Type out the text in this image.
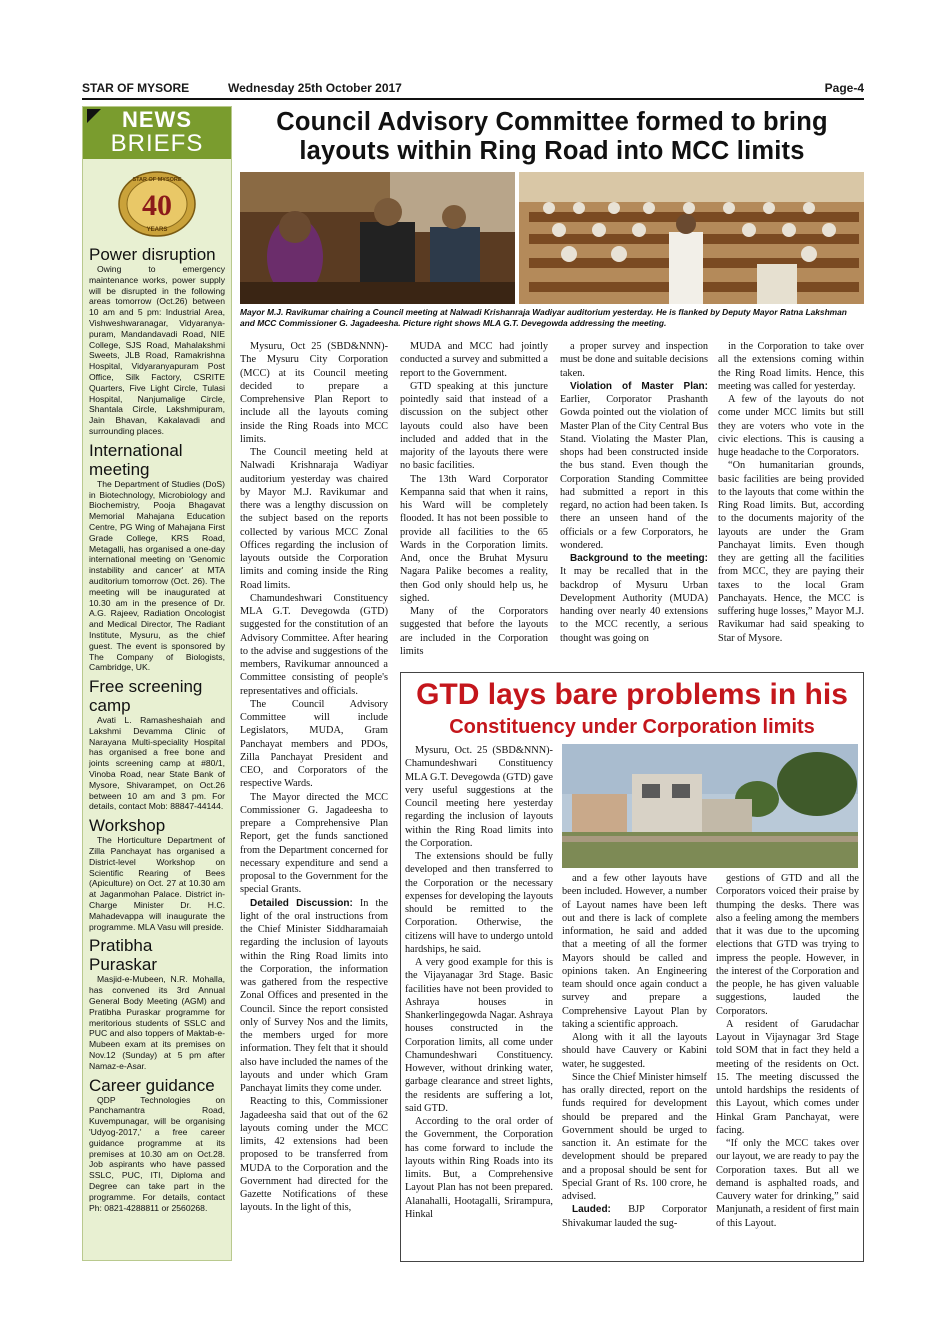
STAR OF MYSORE	Wednesday 25th October 2017	Page-4
NEWS
BRIEFS
STAR OF MYSORE
40
YEARS
Power disruption

Owing to emergency maintenance works, power supply will be disrupted in the following areas tomorrow (Oct.26) between 10 am and 5 pm: Industrial Area, Vishweshwaranagar, Vidyaranya-puram, Mandandavadi Road, NIE College, SJS Road, Mahalakshmi Sweets, JLB Road, Ramakrishna Hospital, Vidyaranyapuram Post Office, Silk Factory, CSRITE Quarters, Five Light Circle, Tulasi Hospital, Nanjumalige Circle, Shantala Circle, Lakshmipuram, Jain Bhavan, Kakalavadi and surrounding places.

International meeting

The Department of Studies (DoS) in Biotechnology, Microbiology and Biochemistry, Pooja Bhagavat Memorial Mahajana Education Centre, PG Wing of Mahajana First Grade College, KRS Road, Metagalli, has organised a one-day international meeting on 'Genomic instability and cancer' at MTA auditorium tomorrow (Oct. 26). The meeting will be inaugurated at 10.30 am in the presence of Dr. A.G. Rajeev, Radiation Oncologist and Medical Director, The Radiant Institute, Mysuru, as the chief guest. The event is sponsored by The Company of Biologists, Cambridge, UK.

Free screening camp

Avati L. Ramasheshaiah and Lakshmi Devamma Clinic of Narayana Multi-speciality Hospital has organised a free bone and joints screening camp at #80/1, Vinoba Road, near State Bank of Mysore, Shivarampet, on Oct.26 between 10 am and 3 pm. For details, contact Mob: 88847-44144.

Workshop

The Horticulture Department of Zilla Panchayat has organised a District-level Workshop on Scientific Rearing of Bees (Apiculture) on Oct. 27 at 10.30 am at Jaganmohan Palace. District in-Charge Minister Dr. H.C. Mahadevappa will inaugurate the programme. MLA Vasu will preside.

Pratibha Puraskar

Masjid-e-Mubeen, N.R. Mohalla, has convened its 3rd Annual General Body Meeting (AGM) and Pratibha Puraskar programme for meritorious students of SSLC and PUC and also toppers of Maktab-e-Mubeen exam at its premises on Nov.12 (Sunday) at 5 pm after Namaz-e-Asar.

Career guidance

QDP Technologies on Panchamantra Road, Kuvempunagar, will be organising 'Udyog-2017,' a free career guidance programme at its premises at 10.30 am on Oct.28. Job aspirants who have passed SSLC, PUC, ITI, Diploma and Degree can take part in the programme. For details, contact Ph: 0821-4288811 or 2560268.

Council Advisory Committee formed to bring layouts within Ring Road into MCC limits
Mayor M.J. Ravikumar chairing a Council meeting at Nalwadi Krishanraja Wadiyar auditorium yesterday. He is flanked by Deputy Mayor Ratna Lakshman and MCC Commissioner G. Jagadeesha. Picture right shows MLA G.T. Devegowda addressing the meeting.

Mysuru, Oct 25 (SBD&NNN)- The Mysuru City Corporation (MCC) at its Council meeting decided to prepare a Comprehensive Plan Report to include all the layouts coming inside the Ring Roads into MCC limits.

The Council meeting held at Nalwadi Krishnaraja Wadiyar auditorium yesterday was chaired by Mayor M.J. Ravikumar and there was a lengthy discussion on the subject based on the reports collected by various MCC Zonal Offices regarding the inclusion of layouts outside the Corporation limits and coming inside the Ring Road limits.

Chamundeshwari Constituency MLA G.T. Devegowda (GTD) suggested for the constitution of an Advisory Committee. After hearing to the advise and suggestions of the members, Ravikumar announced a Committee consisting of people's representatives and officials.

The Council Advisory Committee will include Legislators, MUDA, Gram Panchayat members and PDOs, Zilla Panchayat President and CEO, and Corporators of the respective Wards.

The Mayor directed the MCC Commissioner G. Jagadeesha to prepare a Comprehensive Plan Report, get the funds sanctioned from the Department concerned for necessary expenditure and send a proposal to the Government for the special Grants.

Detailed Discussion: In the light of the oral instructions from the Chief Minister Siddharamaiah regarding the inclusion of layouts within the Ring Road limits into the Corporation, the information was gathered from the respective Zonal Offices and presented in the Council. Since the report consisted only of Survey Nos and the limits, the members urged for more information. They felt that it should also have included the names of the layouts and under which Gram Panchayat limits they come under.

Reacting to this, Commissioner Jagadeesha said that out of the 62 layouts coming under the MCC limits, 42 extensions had been proposed to be transferred from MUDA to the Corporation and the Government had directed for the Gazette Notifications of these layouts. In the light of this,

MUDA and MCC had jointly conducted a survey and submitted a report to the Government.

GTD speaking at this juncture pointedly said that instead of a discussion on the subject other layouts could also have been included and added that in the majority of the layouts there were no basic facilities.

The 13th Ward Corporator Kempanna said that when it rains, his Ward will be completely flooded. It has not been possible to provide all facilities to the 65 Wards in the Corporation limits. And, once the Bruhat Mysuru Nagara Palike becomes a reality, then God only should help us, he sighed.

Many of the Corporators suggested that before the layouts are included in the Corporation limits

a proper survey and inspection must be done and suitable decisions taken.

Violation of Master Plan: Earlier, Corporator Prashanth Gowda pointed out the violation of Master Plan of the City Central Bus Stand. Violating the Master Plan, shops had been constructed inside the bus stand. Even though the Corporation Standing Committee had submitted a report in this regard, no action had been taken. Is there an unseen hand of the officials or a few Corporators, he wondered.

Background to the meeting: It may be recalled that in the backdrop of Mysuru Urban Development Authority (MUDA) handing over nearly 40 extensions to the MCC recently, a serious thought was going on

in the Corporation to take over all the extensions coming within the Ring Road limits. Hence, this meeting was called for yesterday.

A few of the layouts do not come under MCC limits but still they are voters who vote in the civic elections. This is causing a huge headache to the Corporators.

“On humanitarian grounds, basic facilities are being provided to the layouts that come within the Ring Road limits. But, according to the documents majority of the layouts are under the Gram Panchayat limits. Even though they are getting all the facilities from MCC, they are paying their taxes to the local Gram Panchayats. Hence, the MCC is suffering huge losses,” Mayor M.J. Ravikumar had said speaking to Star of Mysore.

GTD lays bare problems in his
Constituency under Corporation limits

Mysuru, Oct. 25 (SBD&NNN)- Chamundeshwari Constituency MLA G.T. Devegowda (GTD) gave very useful suggestions at the Council meeting here yesterday regarding the inclusion of layouts within the Ring Road limits into the Corporation.

The extensions should be fully developed and then transferred to the Corporation or the necessary expenses for developing the layouts should be remitted to the Corporation. Otherwise, the citizens will have to undergo untold hardships, he said.

A very good example for this is the Vijayanagar 3rd Stage. Basic facilities have not been provided to Ashraya houses in Shankerlingegowda Nagar. Ashraya houses constructed in the Corporation limits, all come under Chamundeshwari Constituency. However, without drinking water, garbage clearance and street lights, the residents are suffering a lot, said GTD.

According to the oral order of the Government, the Corporation has come forward to include the layouts within Ring Roads into its limits. But, a Comprehensive Layout Plan has not been prepared. Alanahalli, Hootagalli, Srirampura, Hinkal

and a few other layouts have been included. However, a number of Layout names have been left out and there is lack of complete information, he said and added that a meeting of all the former Mayors should be called and opinions taken. An Engineering team should once again conduct a survey and prepare a Comprehensive Layout Plan by taking a scientific approach.

Along with it all the layouts should have Cauvery or Kabini water, he suggested.

Since the Chief Minister himself has orally directed, report on the funds required for development should be prepared and the Government should be urged to sanction it. An estimate for the development should be prepared and a proposal should be sent for Special Grant of Rs. 100 crore, he advised.

Lauded: BJP Corporator Shivakumar lauded the sug-

gestions of GTD and all the Corporators voiced their praise by thumping the desks. There was also a feeling among the members that it was due to the upcoming elections that GTD was trying to impress the people. However, in the interest of the Corporation and the people, he has given valuable suggestions, lauded the Corporators.

A resident of Garudachar Layout in Vijaynagar 3rd Stage told SOM that in fact they held a meeting of the residents on Oct. 15. The meeting discussed the untold hardships the residents of this Layout, which comes under Hinkal Gram Panchayat, were facing.

“If only the MCC takes over our layout, we are ready to pay the Corporation taxes. But all we demand is asphalted roads, and Cauvery water for drinking,” said Manjunath, a resident of first main of this Layout.
